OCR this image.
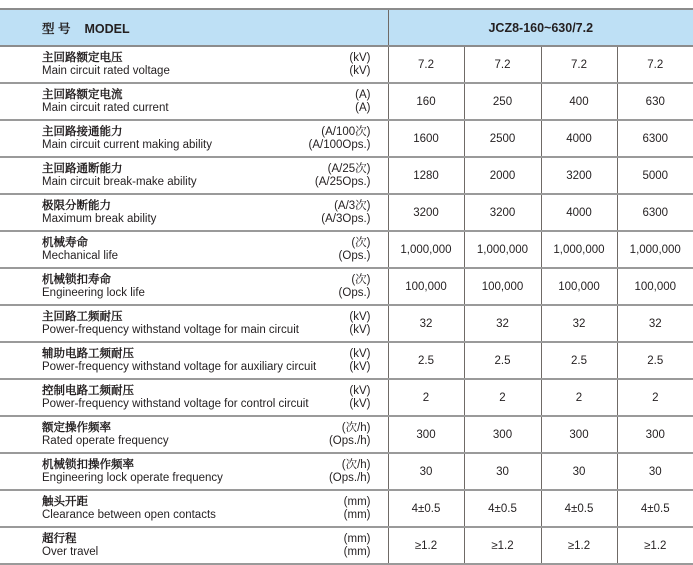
型 号 MODEL	JCZ8-160~630/7.2			

主回路额定电压
Main circuit rated voltage
(kV)
(kV)	7.2	7.2	7.2	7.2

主回路额定电流
Main circuit rated current
(A)
(A)	160	250	400	630

主回路接通能力
Main circuit current making ability
(A/100次)
(A/100Ops.)	1600	2500	4000	6300

主回路通断能力
Main circuit break-make ability
(A/25次)
(A/25Ops.)	1280	2000	3200	5000

极限分断能力
Maximum break ability
(A/3次)
(A/3Ops.)	3200	3200	4000	6300

机械寿命
Mechanical life
(次)
(Ops.)	1,000,000	1,000,000	1,000,000	1,000,000

机械锁扣寿命
Engineering lock life
(次)
(Ops.)	100,000	100,000	100,000	100,000

主回路工频耐压
Power-frequency withstand voltage for main circuit
(kV)
(kV)	32	32	32	32

辅助电路工频耐压
Power-frequency withstand voltage for auxiliary circuit
(kV)
(kV)	2.5	2.5	2.5	2.5

控制电路工频耐压
Power-frequency withstand voltage for control circuit
(kV)
(kV)	2	2	2	2

额定操作频率
Rated operate frequency
(次/h)
(Ops./h)	300	300	300	300

机械锁扣操作频率
Engineering lock operate frequency
(次/h)
(Ops./h)	30	30	30	30

触头开距
Clearance between open contacts
(mm)
(mm)	4±0.5	4±0.5	4±0.5	4±0.5

超行程
Over travel
(mm)
(mm)	≥1.2	≥1.2	≥1.2	≥1.2
